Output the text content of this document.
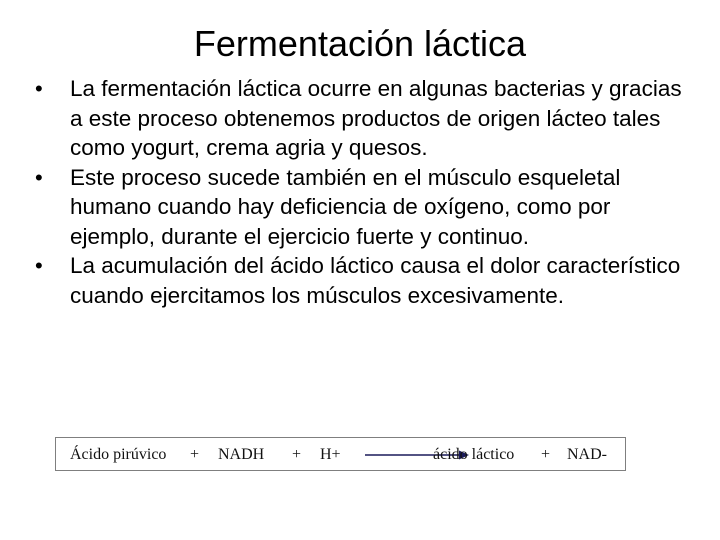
Fermentación láctica
•	La fermentación láctica ocurre en algunas bacterias y gracias a este proceso obtenemos productos de origen lácteo tales como yogurt, crema agria y quesos.
•	Este proceso sucede también en el músculo esqueletal humano cuando hay deficiencia de oxígeno, como por ejemplo, durante el ejercicio fuerte y continuo.
•	La acumulación del ácido láctico causa el dolor característico cuando ejercitamos los músculos excesivamente.
Ácido pirúvico + NADH + H+	ácido láctico + NAD-
